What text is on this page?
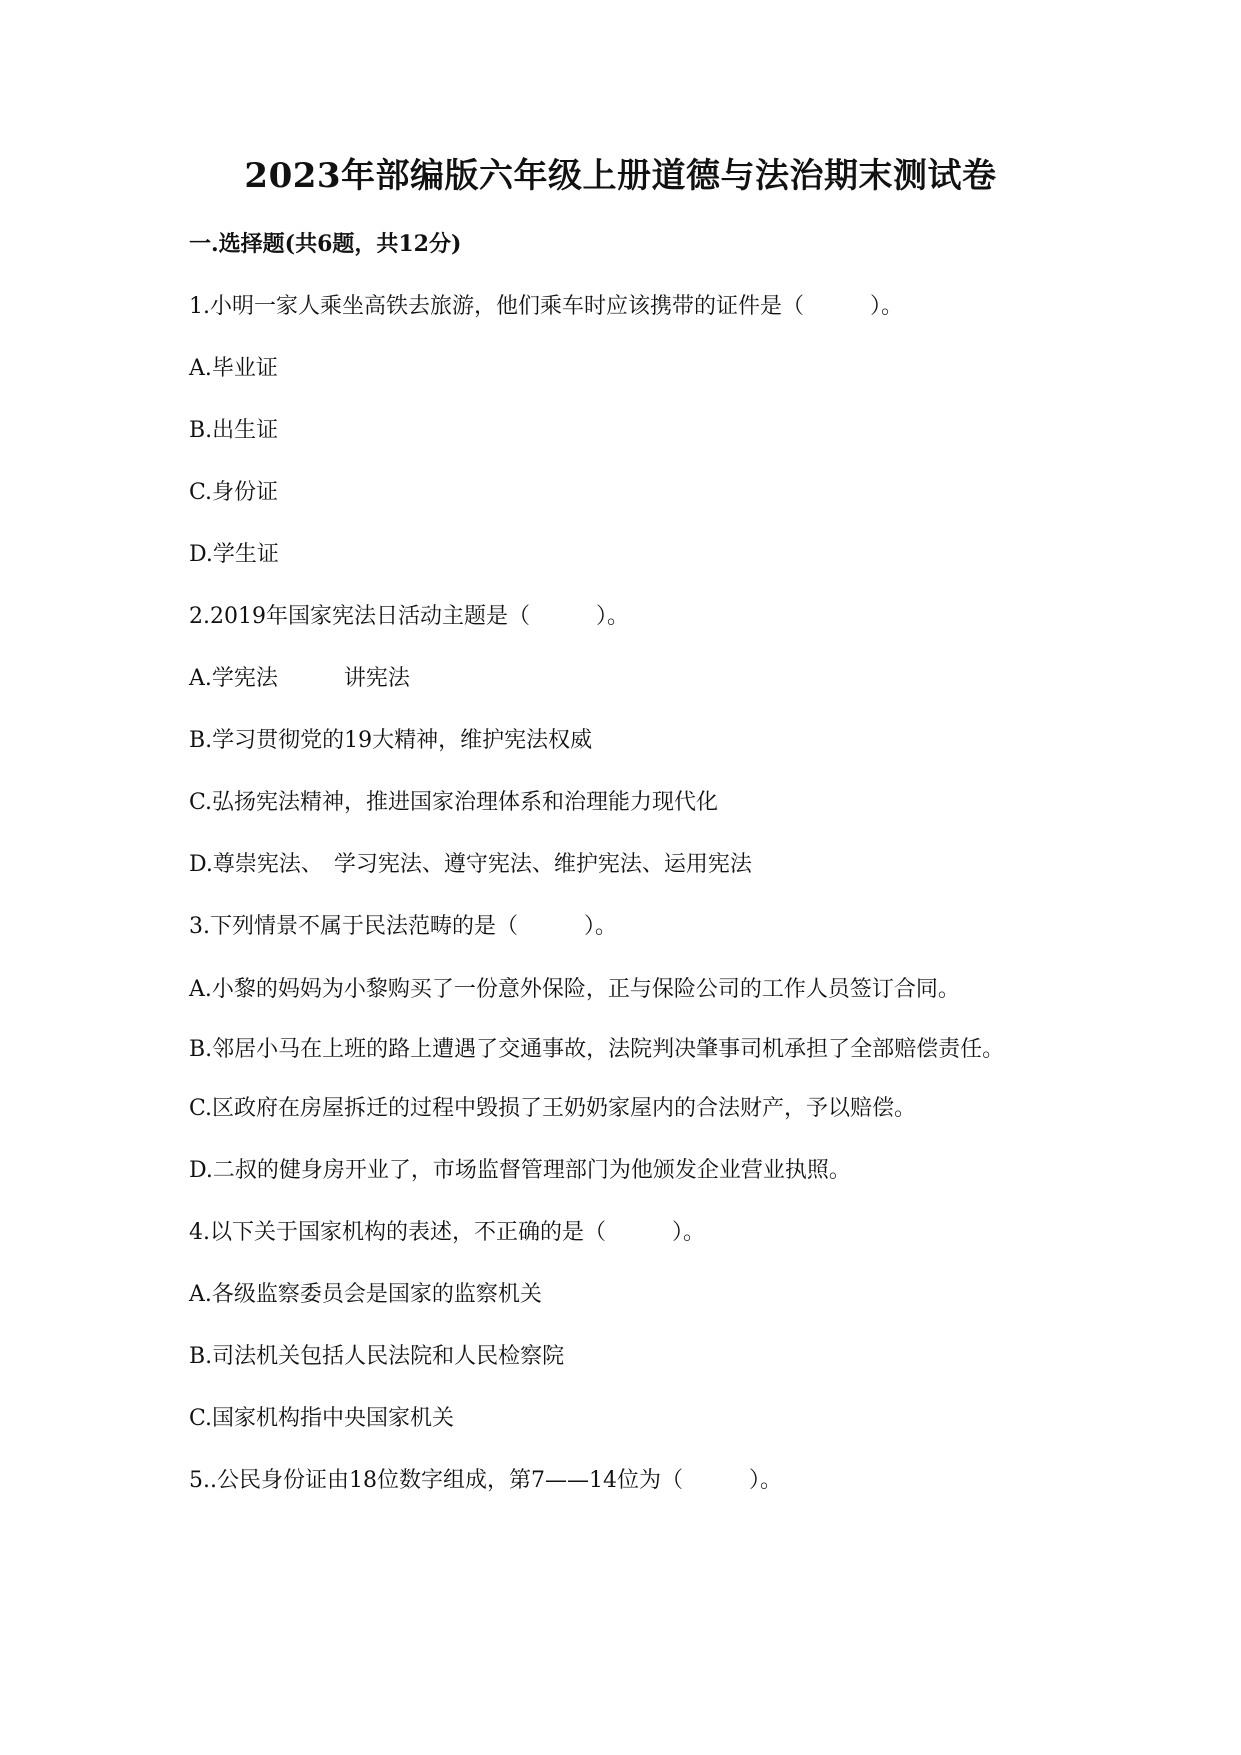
2023年部编版六年级上册道德与法治期末测试卷
一.选择题(共6题，共12分)
1.小明一家人乘坐高铁去旅游，他们乘车时应该携带的证件是（　　　）。
A.毕业证
B.出生证
C.身份证
D.学生证
2.2019年国家宪法日活动主题是（　　　）。
A.学宪法　　　讲宪法
B.学习贯彻党的19大精神，维护宪法权威
C.弘扬宪法精神，推进国家治理体系和治理能力现代化
D.尊崇宪法、　学习宪法、遵守宪法、维护宪法、运用宪法
3.下列情景不属于民法范畴的是（　　　）。
A.小黎的妈妈为小黎购买了一份意外保险，正与保险公司的工作人员签订合同。
B.邻居小马在上班的路上遭遇了交通事故，法院判决肇事司机承担了全部赔偿责任。
C.区政府在房屋拆迁的过程中毁损了王奶奶家屋内的合法财产，予以赔偿。
D.二叔的健身房开业了，市场监督管理部门为他颁发企业营业执照。
4.以下关于国家机构的表述，不正确的是（　　　）。
A.各级监察委员会是国家的监察机关
B.司法机关包括人民法院和人民检察院
C.国家机构指中央国家机关
5..公民身份证由18位数字组成，第7——14位为（　　　）。
